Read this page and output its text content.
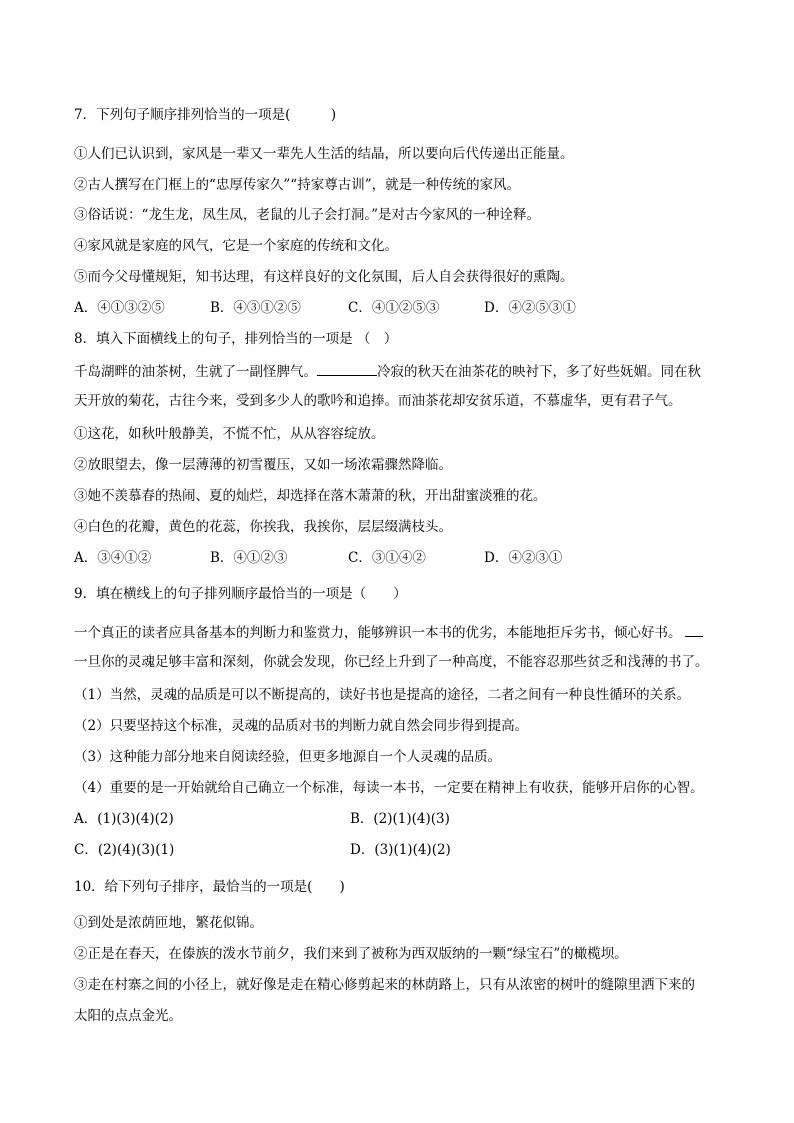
7．下列句子顺序排列恰当的一项是(　　　)
①人们已认识到，家风是一辈又一辈先人生活的结晶，所以要向后代传递出正能量。
②古人撰写在门框上的“忠厚传家久”“持家尊古训”，就是一种传统的家风。
③俗话说：“龙生龙，凤生凤，老鼠的儿子会打洞。”是对古今家风的一种诠释。
④家风就是家庭的风气，它是一个家庭的传统和文化。
⑤而今父母懂规矩，知书达理，有这样良好的文化氛围，后人自会获得很好的熏陶。
A．④①③②⑤	B．④③①②⑤	C．④①②⑤③	D．④②⑤③①
8．填入下面横线上的句子，排列恰当的一项是 （　）
千岛湖畔的油茶树，生就了一副怪脾气。	冷寂的秋天在油茶花的映衬下，多了好些妩媚。同在秋
天开放的菊花，古往今来，受到多少人的歌吟和追捧。而油茶花却安贫乐道，不慕虚华，更有君子气。
①这花，如秋叶般静美，不慌不忙，从从容容绽放。
②放眼望去，像一层薄薄的初雪覆压，又如一场浓霜骤然降临。
③她不羡慕春的热闹、夏的灿烂，却选择在落木萧萧的秋，开出甜蜜淡雅的花。
④白色的花瓣，黄色的花蕊，你挨我，我挨你，层层缀满枝头。
A．③④①②	B．④①②③	C．③①④②	D．④②③①
9．填在横线上的句子排列顺序最恰当的一项是（　　）
一个真正的读者应具备基本的判断力和鉴赏力，能够辨识一本书的优劣，本能地拒斥劣书，倾心好书。
一旦你的灵魂足够丰富和深刻，你就会发现，你已经上升到了一种高度，不能容忍那些贫乏和浅薄的书了。
（1）当然，灵魂的品质是可以不断提高的，读好书也是提高的途径，二者之间有一种良性循环的关系。
（2）只要坚持这个标准，灵魂的品质对书的判断力就自然会同步得到提高。
（3）这种能力部分地来自阅读经验，但更多地源自一个人灵魂的品质。
（4）重要的是一开始就给自己确立一个标准，每读一本书，一定要在精神上有收获，能够开启你的心智。
A．(1)(3)(4)(2)	B．(2)(1)(4)(3)
C．(2)(4)(3)(1)	D．(3)(1)(4)(2)
10．给下列句子排序，最恰当的一项是(　　)
①到处是浓荫匝地，繁花似锦。
②正是在春天，在傣族的泼水节前夕，我们来到了被称为西双版纳的一颗“绿宝石”的橄榄坝。
③走在村寨之间的小径上，就好像是走在精心修剪起来的林荫路上，只有从浓密的树叶的缝隙里洒下来的
太阳的点点金光。
